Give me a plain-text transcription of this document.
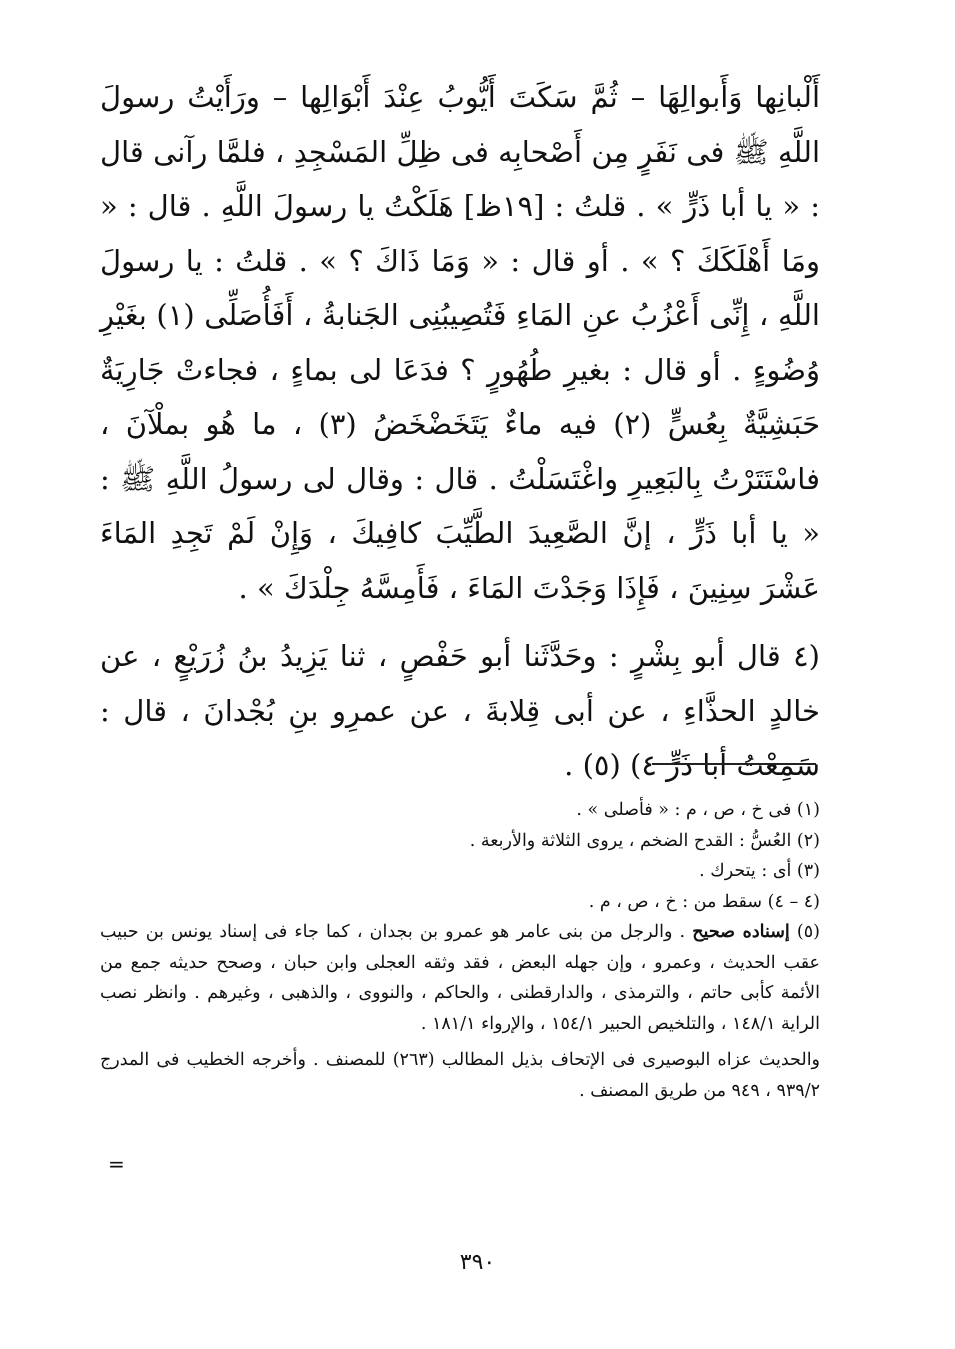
أَلْبانِها وَأَبوالِهَا – ثُمَّ سَكَتَ أَيُّوبُ عِنْدَ أَبْوَالِها – ورَأَيْتُ رسولَ اللَّهِ ﷺ فى نَفَرٍ مِن أَصْحابِه فى ظِلِّ المَسْجِدِ ، فلمَّا رآنى قال : « يا أبا ذَرٍّ » . قلتُ : [١٩ظ] هَلَكْتُ يا رسولَ اللَّهِ . قال : « ومَا أَهْلَكَكَ ؟ » . أو قال : « وَمَا ذَاكَ ؟ » . قلتُ : يا رسولَ اللَّهِ ، إِنِّى أَعْزُبُ عنِ المَاءِ فَتُصِيبُنِى الجَنابةُ ، أَفَأُصَلِّى (١) بغَيْرِ وُضُوءٍ . أو قال : بغيرِ طُهُورٍ ؟ فدَعَا لى بماءٍ ، فجاءتْ جَارِيَةٌ حَبَشِيَّةٌ بِعُسٍّ (٢) فيه ماءٌ يَتَخَضْخَضُ (٣) ، ما هُو بملْآنَ ، فاسْتَتَرْتُ بِالبَعِيرِ واغْتَسَلْتُ . قال : وقال لى رسولُ اللَّهِ ﷺ : « يا أبا ذَرٍّ ، إنَّ الصَّعِيدَ الطَّيِّبَ كافِيكَ ، وَإِنْ لَمْ تَجِدِ المَاءَ عَشْرَ سِنِينَ ، فَإِذَا وَجَدْتَ المَاءَ ، فَأَمِسَّهُ جِلْدَكَ » .

(٤ قال أبو بِشْرٍ : وحَدَّثَنا أبو حَفْصٍ ، ثنا يَزِيدُ بنُ زُرَيْعٍ ، عن خالدٍ الحذَّاءِ ، عن أبى قِلابةَ ، عن عمرِو بنِ بُجْدانَ ، قال : سَمِعْتُ أبا ذَرٍّ ٤) (٥) .

(١) فى خ ، ص ، م : « فأصلى » .

(٢) العُسُّ : القدح الضخم ، يروى الثلاثة والأربعة .

(٣) أى : يتحرك .

(٤ – ٤) سقط من : خ ، ص ، م .

(٥) إسناده صحيح . والرجل من بنى عامر هو عمرو بن بجدان ، كما جاء فى إسناد يونس بن حبيب عقب الحديث ، وعمرو ، وإن جهله البعض ، فقد وثقه العجلى وابن حبان ، وصحح حديثه جمع من الأئمة كأبى حاتم ، والترمذى ، والدارقطنى ، والحاكم ، والنووى ، والذهبى ، وغيرهم . وانظر نصب الراية ١٤٨/١ ، والتلخيص الحبير ١٥٤/١ ، والإرواء ١٨١/١ .

والحديث عزاه البوصيرى فى الإتحاف بذيل المطالب (٢٦٣) للمصنف . وأخرجه الخطيب فى المدرج ٩٣٩/٢ ، ٩٤٩ من طريق المصنف .

=
٣٩٠
